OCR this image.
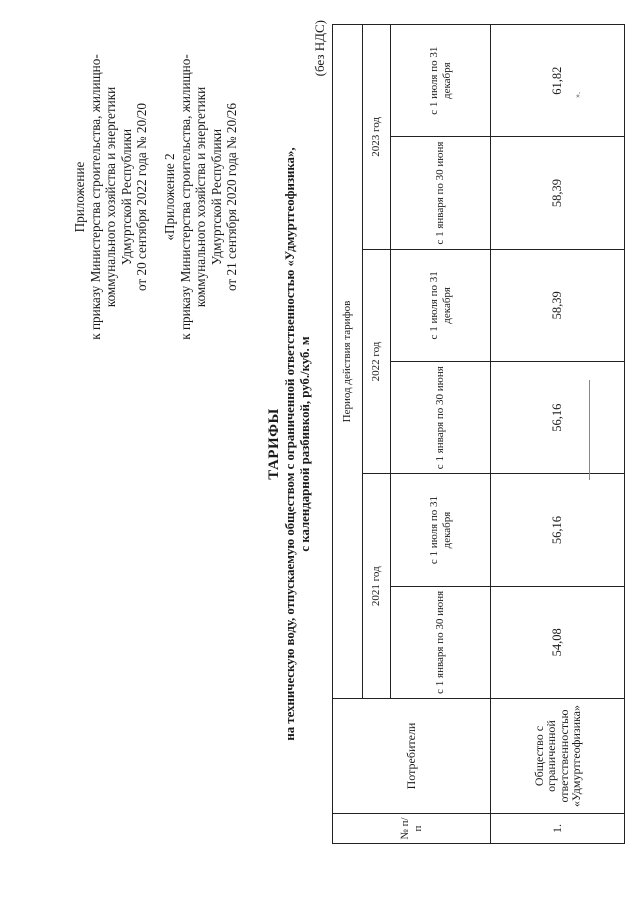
Приложение к приказу Министерства строительства, жилищно- коммунального хозяйства и энергетики Удмуртской Республики от 20 сентября 2022 года № 20/20 «Приложение 2 к приказу Министерства строительства, жилищно- коммунального хозяйства и энергетики Удмуртской Республики от 21 сентября 2020 года № 20/26
ТАРИФЫ на техническую воду, отпускаемую обществом с ограниченной ответственностью «Удмуртгеофизика», с календарной разбивкой, руб./куб. м
(без НДС)
№ п/п	Потребители	Период действия тарифов					
		2021 год		2022 год		2023 год	
		с 1 января по 30 июня	с 1 июля по 31 декабря	с 1 января по 30 июня	с 1 июля по 31 декабря	с 1 января по 30 июня	с 1 июля по 31 декабря
1.	Общество с ограниченной ответственностью «Удмуртгеофизика»	54,08	56,16	56,16	58,39	58,39	61,82
».
